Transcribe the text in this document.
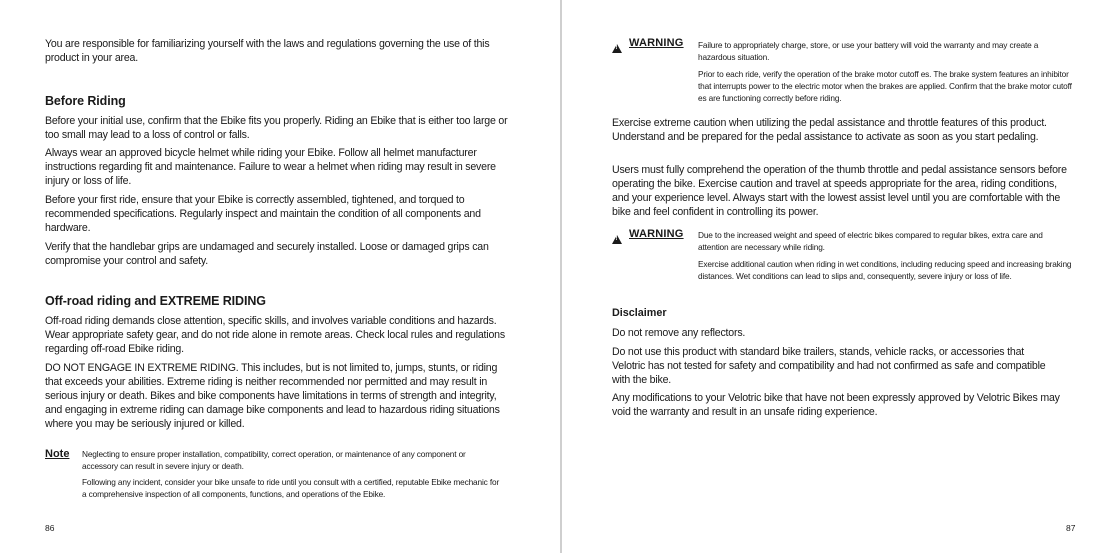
You are responsible for familiarizing yourself with the laws and regulations governing the use of this product in your area.

Before Riding

Before your initial use, confirm that the Ebike fits you properly. Riding an Ebike that is either too large or too small may lead to a loss of control or falls.

Always wear an approved bicycle helmet while riding your Ebike. Follow all helmet manufacturer instructions regarding fit and maintenance. Failure to wear a helmet when riding may result in severe injury or loss of life.

Before your first ride, ensure that your Ebike is correctly assembled, tightened, and torqued to recommended specifications. Regularly inspect and maintain the condition of all components and hardware.

Verify that the handlebar grips are undamaged and securely installed. Loose or damaged grips can compromise your control and safety.

Off-road riding and EXTREME RIDING

Off-road riding demands close attention, specific skills, and involves variable conditions and hazards. Wear appropriate safety gear, and do not ride alone in remote areas. Check local rules and regulations regarding off-road Ebike riding.

DO NOT ENGAGE IN EXTREME RIDING. This includes, but is not limited to, jumps, stunts, or riding that exceeds your abilities. Extreme riding is neither recommended nor permitted and may result in serious injury or death. Bikes and bike components have limitations in terms of strength and integrity, and engaging in extreme riding can damage bike components and lead to hazardous riding situations where you may be seriously injured or killed.

Note Neglecting to ensure proper installation, compatibility, correct operation, or maintenance of any component or accessory can result in severe injury or death.

Following any incident, consider your bike unsafe to ride until you consult with a certified, reputable Ebike mechanic for a comprehensive inspection of all components, functions, and operations of the Ebike.

86
!
WARNING Failure to appropriately charge, store, or use your battery will void the warranty and may create a hazardous situation.

Prior to each ride, verify the operation of the brake motor cutoff es. The brake system features an inhibitor that interrupts power to the electric motor when the brakes are applied. Confirm that the brake motor cutoff es are functioning correctly before riding.

Exercise extreme caution when utilizing the pedal assistance and throttle features of this product. Understand and be prepared for the pedal assistance to activate as soon as you start pedaling.

Users must fully comprehend the operation of the thumb throttle and pedal assistance sensors before operating the bike. Exercise caution and travel at speeds appropriate for the area, riding conditions, and your experience level. Always start with the lowest assist level until you are comfortable with the bike and feel confident in controlling its power.

!
WARNING Due to the increased weight and speed of electric bikes compared to regular bikes, extra care and attention are necessary while riding.

Exercise additional caution when riding in wet conditions, including reducing speed and increasing braking distances. Wet conditions can lead to slips and, consequently, severe injury or loss of life.

Disclaimer

Do not remove any reflectors.

Do not use this product with standard bike trailers, stands, vehicle racks, or accessories that Velotric has not tested for safety and compatibility and had not confirmed as safe and compatible with the bike.

Any modifications to your Velotric bike that have not been expressly approved by Velotric Bikes may void the warranty and result in an unsafe riding experience.

87
